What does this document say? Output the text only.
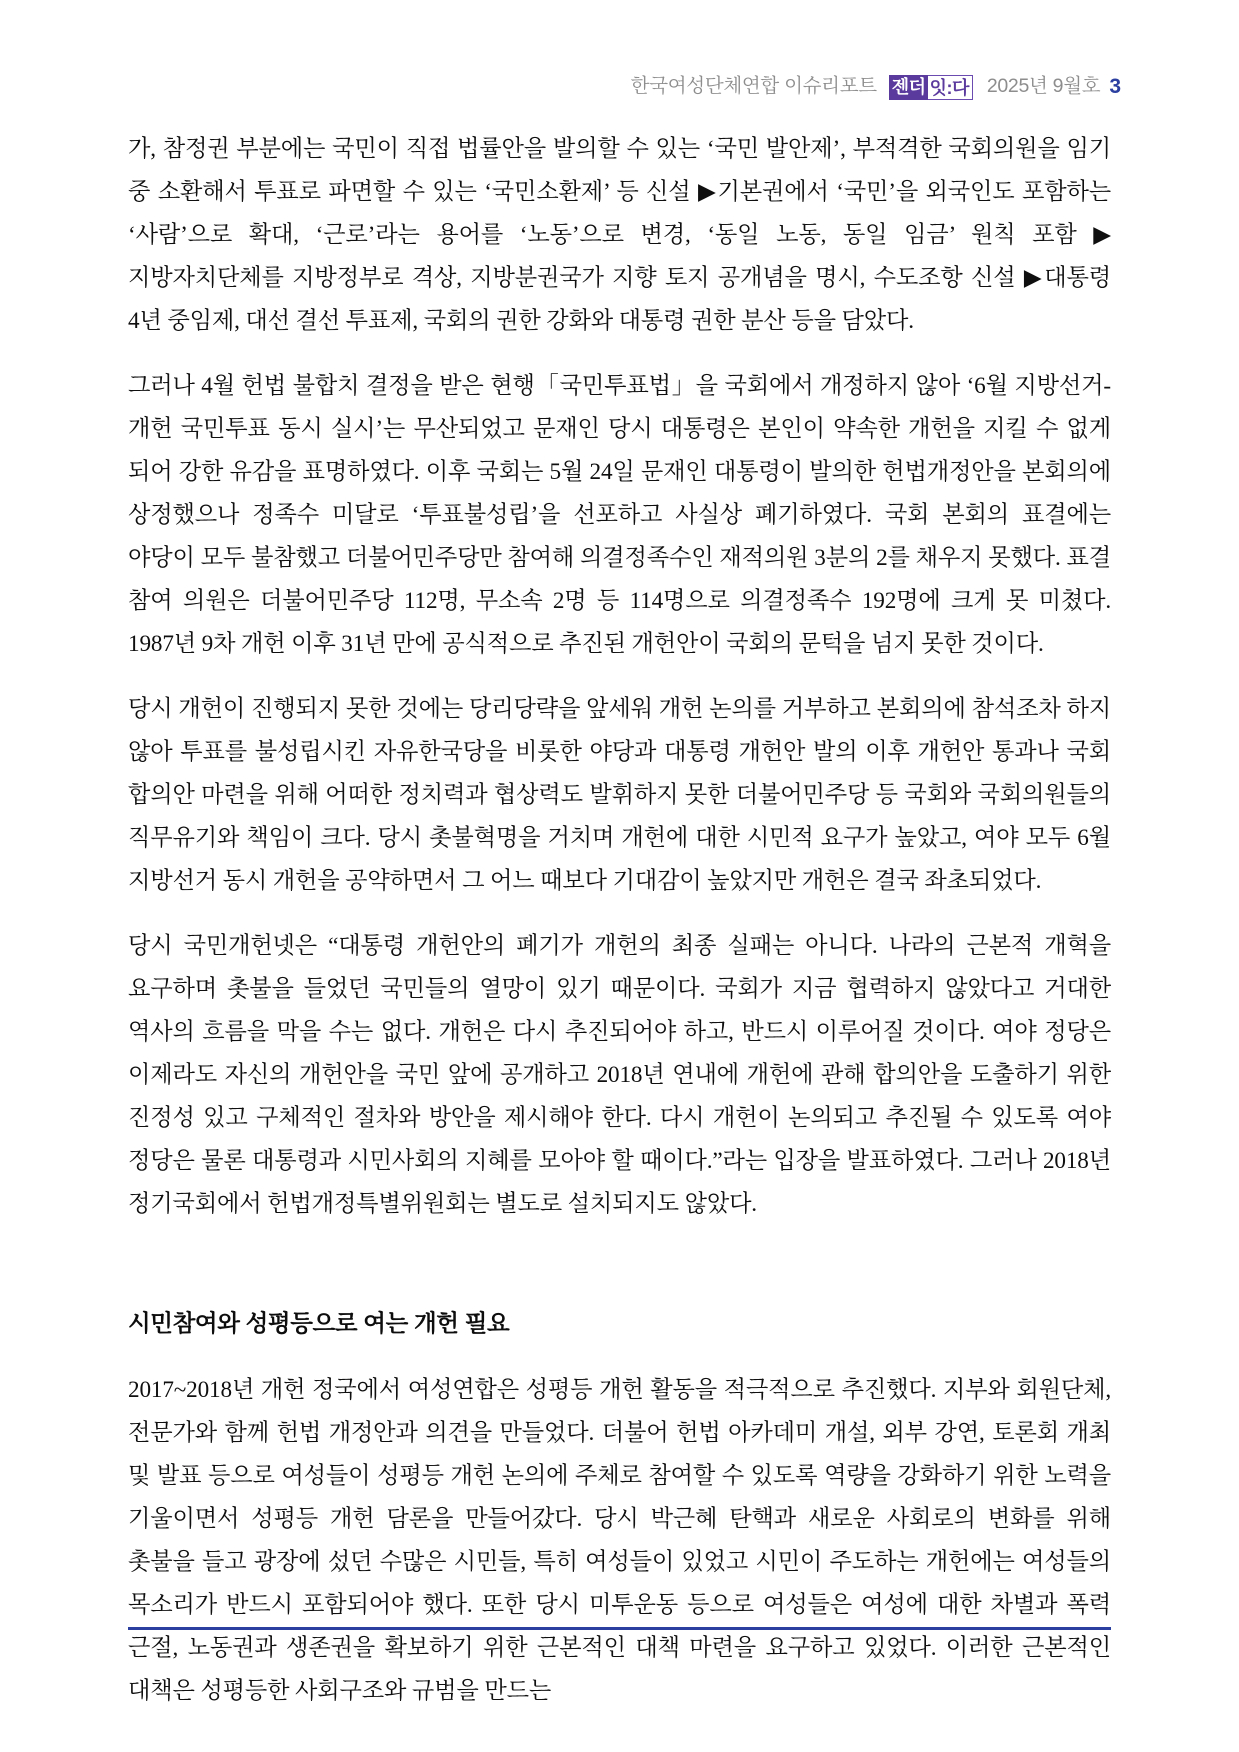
한국여성단체연합 이슈리포트 젠더 잇:다 2025년 9월호 3

가, 참정권 부분에는 국민이 직접 법률안을 발의할 수 있는 ‘국민 발안제’, 부적격한 국회의원을 임기 중 소환해서 투표로 파면할 수 있는 ‘국민소환제’ 등 신설 ▶기본권에서 ‘국민’을 외국인도 포함하는 ‘사람’으로 확대, ‘근로’라는 용어를 ‘노동’으로 변경, ‘동일 노동, 동일 임금’ 원칙 포함 ▶지방자치단체를 지방정부로 격상, 지방분권국가 지향 토지 공개념을 명시, 수도조항 신설 ▶대통령 4년 중임제, 대선 결선 투표제, 국회의 권한 강화와 대통령 권한 분산 등을 담았다.

그러나 4월 헌법 불합치 결정을 받은 현행「국민투표법」을 국회에서 개정하지 않아 ‘6월 지방선거-개헌 국민투표 동시 실시’는 무산되었고 문재인 당시 대통령은 본인이 약속한 개헌을 지킬 수 없게 되어 강한 유감을 표명하였다. 이후 국회는 5월 24일 문재인 대통령이 발의한 헌법개정안을 본회의에 상정했으나 정족수 미달로 ‘투표불성립’을 선포하고 사실상 폐기하였다. 국회 본회의 표결에는 야당이 모두 불참했고 더불어민주당만 참여해 의결정족수인 재적의원 3분의 2를 채우지 못했다. 표결 참여 의원은 더불어민주당 112명, 무소속 2명 등 114명으로 의결정족수 192명에 크게 못 미쳤다. 1987년 9차 개헌 이후 31년 만에 공식적으로 추진된 개헌안이 국회의 문턱을 넘지 못한 것이다.

당시 개헌이 진행되지 못한 것에는 당리당략을 앞세워 개헌 논의를 거부하고 본회의에 참석조차 하지 않아 투표를 불성립시킨 자유한국당을 비롯한 야당과 대통령 개헌안 발의 이후 개헌안 통과나 국회 합의안 마련을 위해 어떠한 정치력과 협상력도 발휘하지 못한 더불어민주당 등 국회와 국회의원들의 직무유기와 책임이 크다. 당시 촛불혁명을 거치며 개헌에 대한 시민적 요구가 높았고, 여야 모두 6월 지방선거 동시 개헌을 공약하면서 그 어느 때보다 기대감이 높았지만 개헌은 결국 좌초되었다.

당시 국민개헌넷은 “대통령 개헌안의 폐기가 개헌의 최종 실패는 아니다. 나라의 근본적 개혁을 요구하며 촛불을 들었던 국민들의 열망이 있기 때문이다. 국회가 지금 협력하지 않았다고 거대한 역사의 흐름을 막을 수는 없다. 개헌은 다시 추진되어야 하고, 반드시 이루어질 것이다. 여야 정당은 이제라도 자신의 개헌안을 국민 앞에 공개하고 2018년 연내에 개헌에 관해 합의안을 도출하기 위한 진정성 있고 구체적인 절차와 방안을 제시해야 한다. 다시 개헌이 논의되고 추진될 수 있도록 여야 정당은 물론 대통령과 시민사회의 지혜를 모아야 할 때이다.”라는 입장을 발표하였다. 그러나 2018년 정기국회에서 헌법개정특별위원회는 별도로 설치되지도 않았다.

시민참여와 성평등으로 여는 개헌 필요

2017~2018년 개헌 정국에서 여성연합은 성평등 개헌 활동을 적극적으로 추진했다. 지부와 회원단체, 전문가와 함께 헌법 개정안과 의견을 만들었다. 더불어 헌법 아카데미 개설, 외부 강연, 토론회 개최 및 발표 등으로 여성들이 성평등 개헌 논의에 주체로 참여할 수 있도록 역량을 강화하기 위한 노력을 기울이면서 성평등 개헌 담론을 만들어갔다. 당시 박근혜 탄핵과 새로운 사회로의 변화를 위해 촛불을 들고 광장에 섰던 수많은 시민들, 특히 여성들이 있었고 시민이 주도하는 개헌에는 여성들의 목소리가 반드시 포함되어야 했다. 또한 당시 미투운동 등으로 여성들은 여성에 대한 차별과 폭력 근절, 노동권과 생존권을 확보하기 위한 근본적인 대책 마련을 요구하고 있었다. 이러한 근본적인 대책은 성평등한 사회구조와 규범을 만드는
